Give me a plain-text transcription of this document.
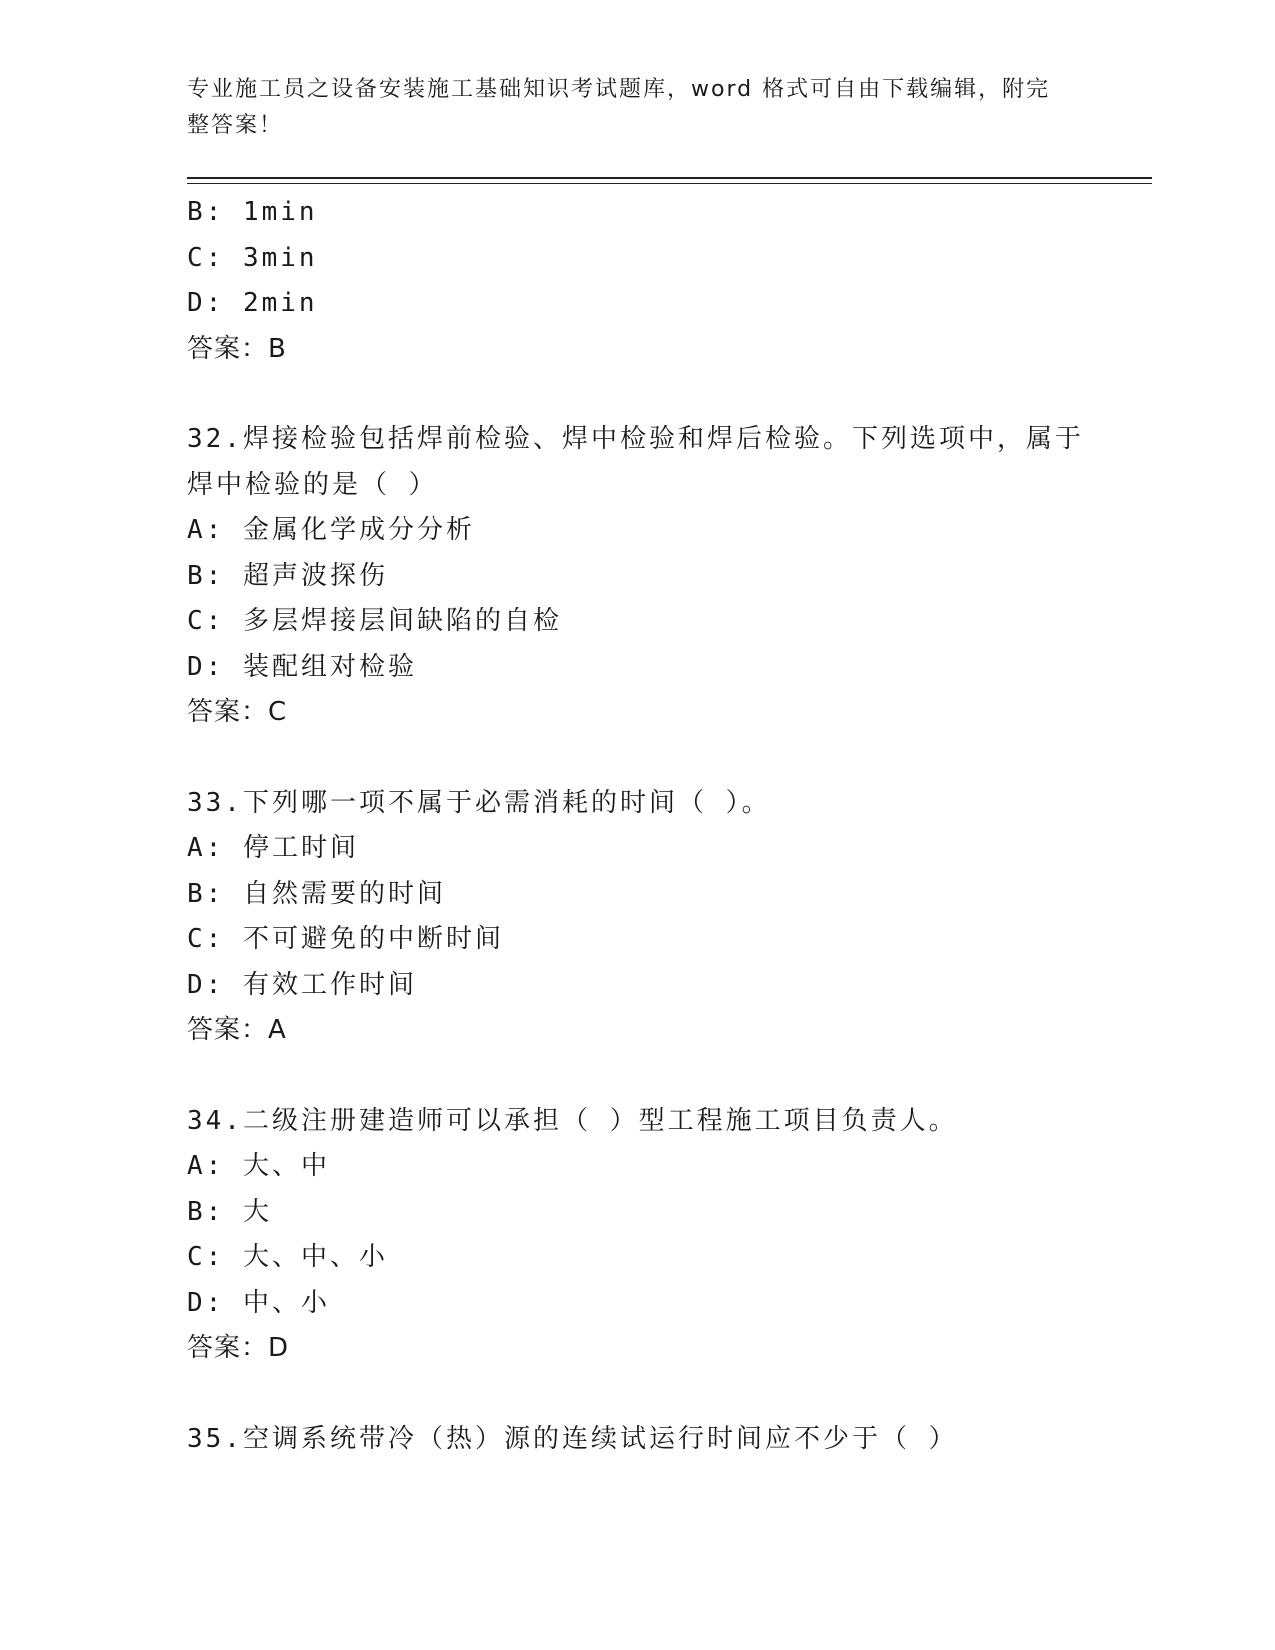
专业施工员之设备安装施工基础知识考试题库，word 格式可自由下载编辑，附完
整答案！

B: 1min

C: 3min

D: 2min

答案：B

32.焊接检验包括焊前检验、焊中检验和焊后检验。下列选项中，属于

焊中检验的是（ ）

A: 金属化学成分分析

B: 超声波探伤

C: 多层焊接层间缺陷的自检

D: 装配组对检验

答案：C

33.下列哪一项不属于必需消耗的时间（ ）。

A: 停工时间

B: 自然需要的时间

C: 不可避免的中断时间

D: 有效工作时间

答案：A

34.二级注册建造师可以承担（ ）型工程施工项目负责人。

A: 大、中

B: 大

C: 大、中、小

D: 中、小

答案：D

35.空调系统带冷（热）源的连续试运行时间应不少于（ ）
